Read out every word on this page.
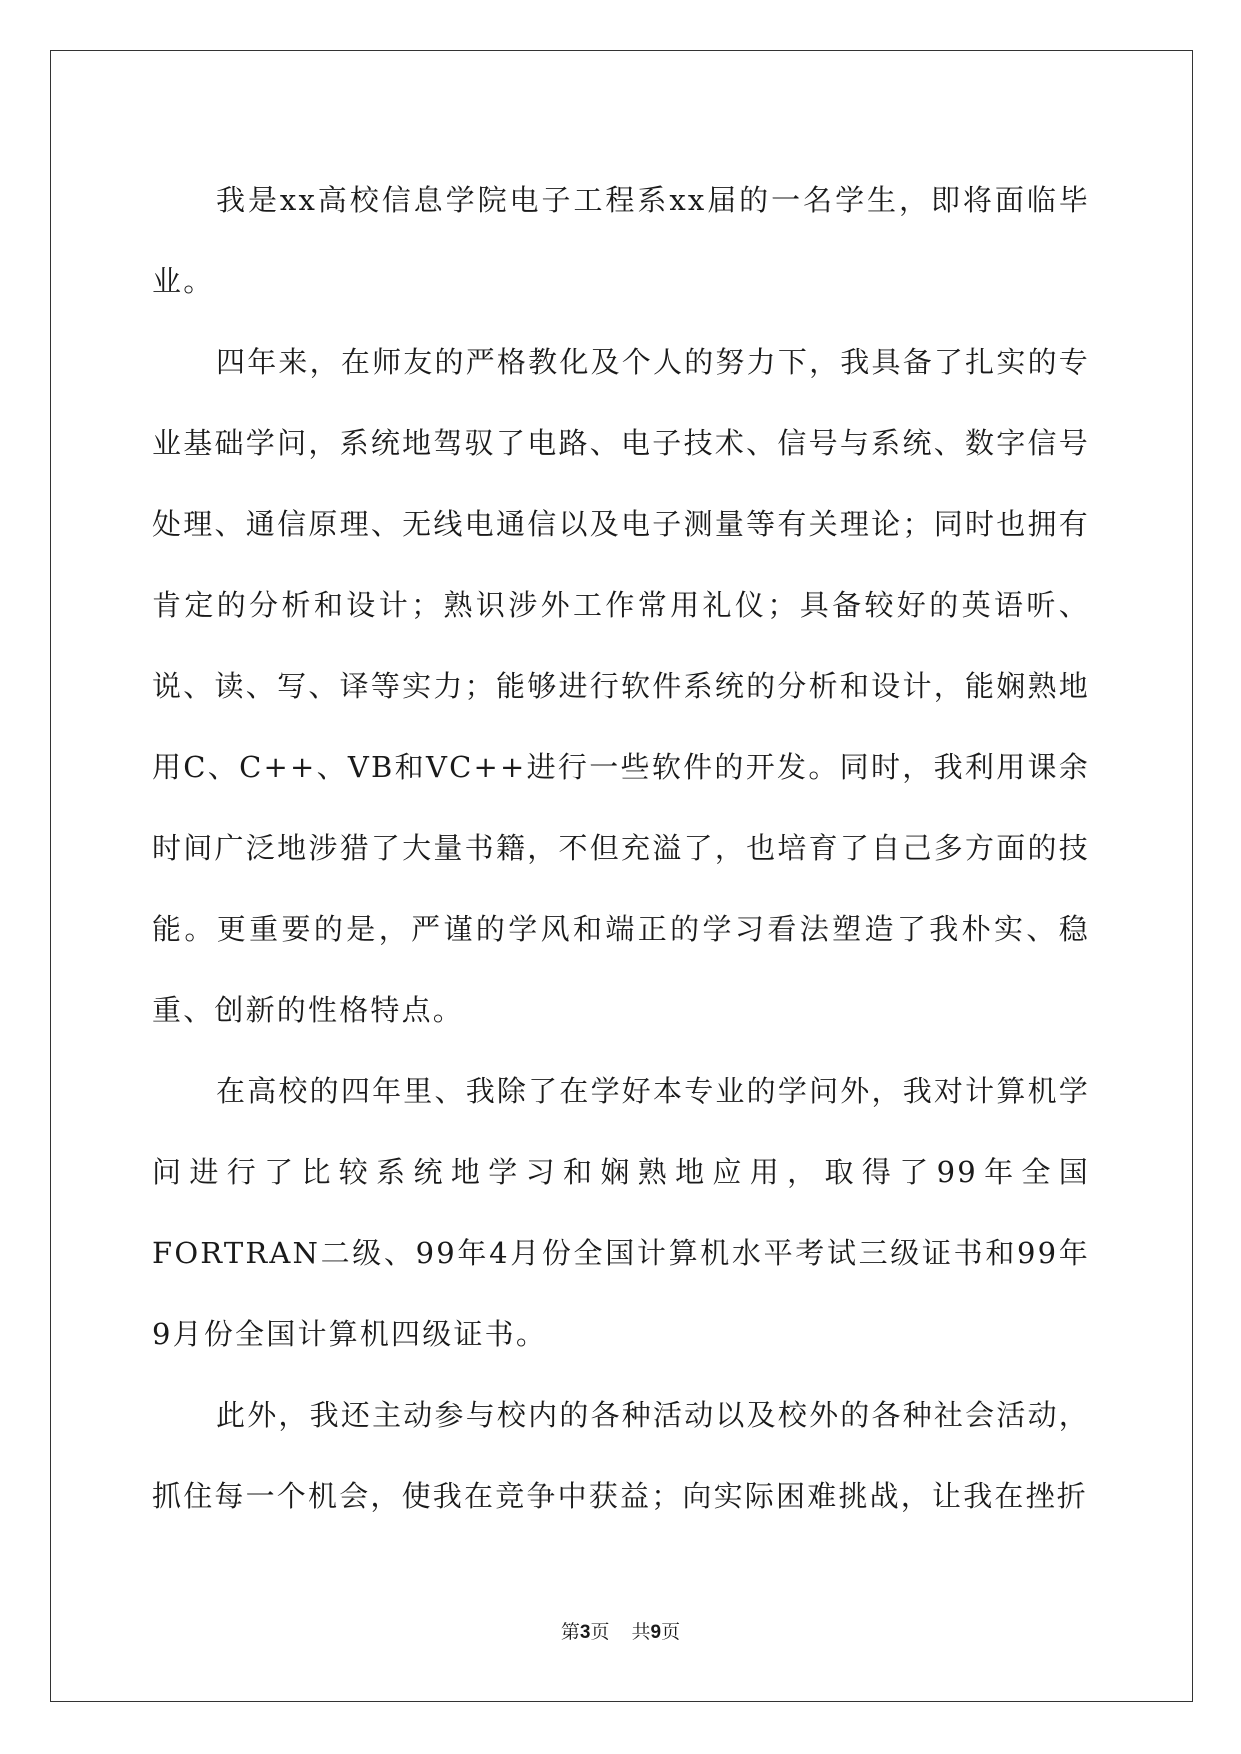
我是xx高校信息学院电子工程系xx届的一名学生，即将面临毕业。

四年来，在师友的严格教化及个人的努力下，我具备了扎实的专业基础学问，系统地驾驭了电路、电子技术、信号与系统、数字信号处理、通信原理、无线电通信以及电子测量等有关理论；同时也拥有肯定的分析和设计；熟识涉外工作常用礼仪；具备较好的英语听、说、读、写、译等实力；能够进行软件系统的分析和设计，能娴熟地用C、C++、VB和VC++进行一些软件的开发。同时，我利用课余时间广泛地涉猎了大量书籍，不但充溢了，也培育了自己多方面的技能。更重要的是，严谨的学风和端正的学习看法塑造了我朴实、稳重、创新的性格特点。

在高校的四年里、我除了在学好本专业的学问外，我对计算机学问进行了比较系统地学习和娴熟地应用，取得了99年全国FORTRAN二级、99年4月份全国计算机水平考试三级证书和99年9月份全国计算机四级证书。

此外，我还主动参与校内的各种活动以及校外的各种社会活动，抓住每一个机会，使我在竞争中获益；向实际困难挑战，让我在挫折

第3页 共9页
